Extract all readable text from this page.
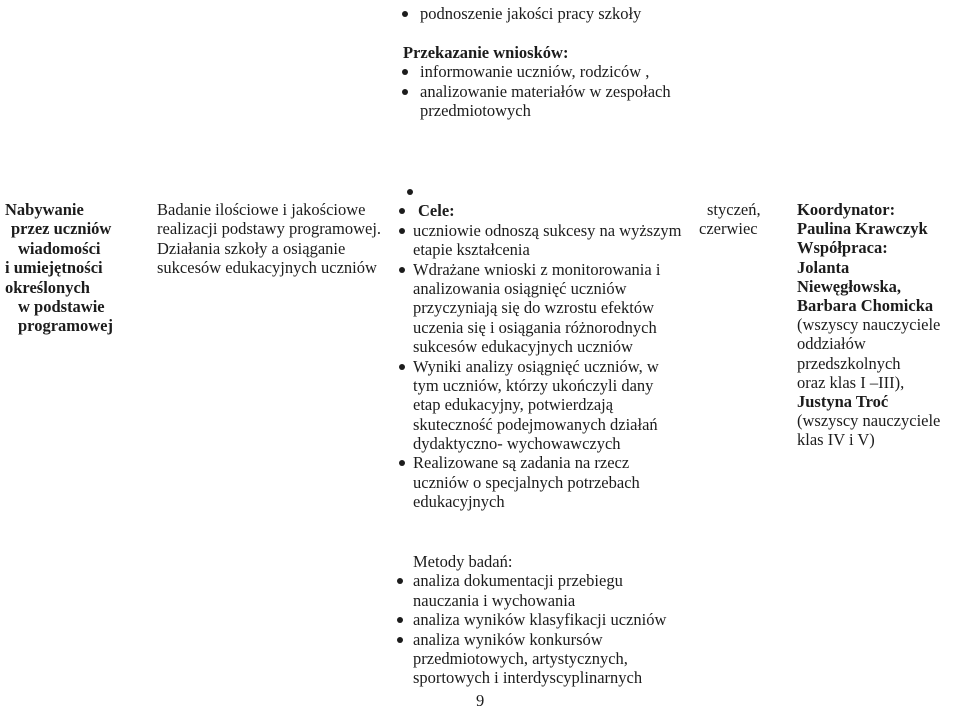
podnoszenie jakości pracy szkoły
Przekazanie wniosków:
informowanie uczniów, rodziców ,
analizowanie materiałów w zespołach
przedmiotowych
Nabywanie
przez uczniów
wiadomości
i umiejętności
określonych
w podstawie
programowej
Badanie ilościowe i jakościowe
realizacji podstawy programowej.
Działania szkoły a osiąganie
sukcesów edukacyjnych uczniów
Cele:
uczniowie odnoszą sukcesy na wyższym
etapie kształcenia
Wdrażane wnioski z monitorowania i
analizowania osiągnięć uczniów
przyczyniają się do wzrostu efektów
uczenia się i osiągania różnorodnych
sukcesów edukacyjnych uczniów
Wyniki analizy osiągnięć uczniów, w
tym uczniów, którzy ukończyli dany
etap edukacyjny, potwierdzają
skuteczność podejmowanych działań
dydaktyczno- wychowawczych
Realizowane są zadania na rzecz
uczniów o specjalnych potrzebach
edukacyjnych
styczeń,
czerwiec
Koordynator:
Paulina Krawczyk
Współpraca:
Jolanta
Niewęgłowska,
Barbara Chomicka
(wszyscy nauczyciele
oddziałów
przedszkolnych
oraz klas I –III),
Justyna Troć
(wszyscy nauczyciele
klas IV i V)
Metody badań:
analiza dokumentacji przebiegu
nauczania i wychowania
analiza wyników klasyfikacji uczniów
analiza wyników konkursów
przedmiotowych, artystycznych,
sportowych i interdyscyplinarnych
9
